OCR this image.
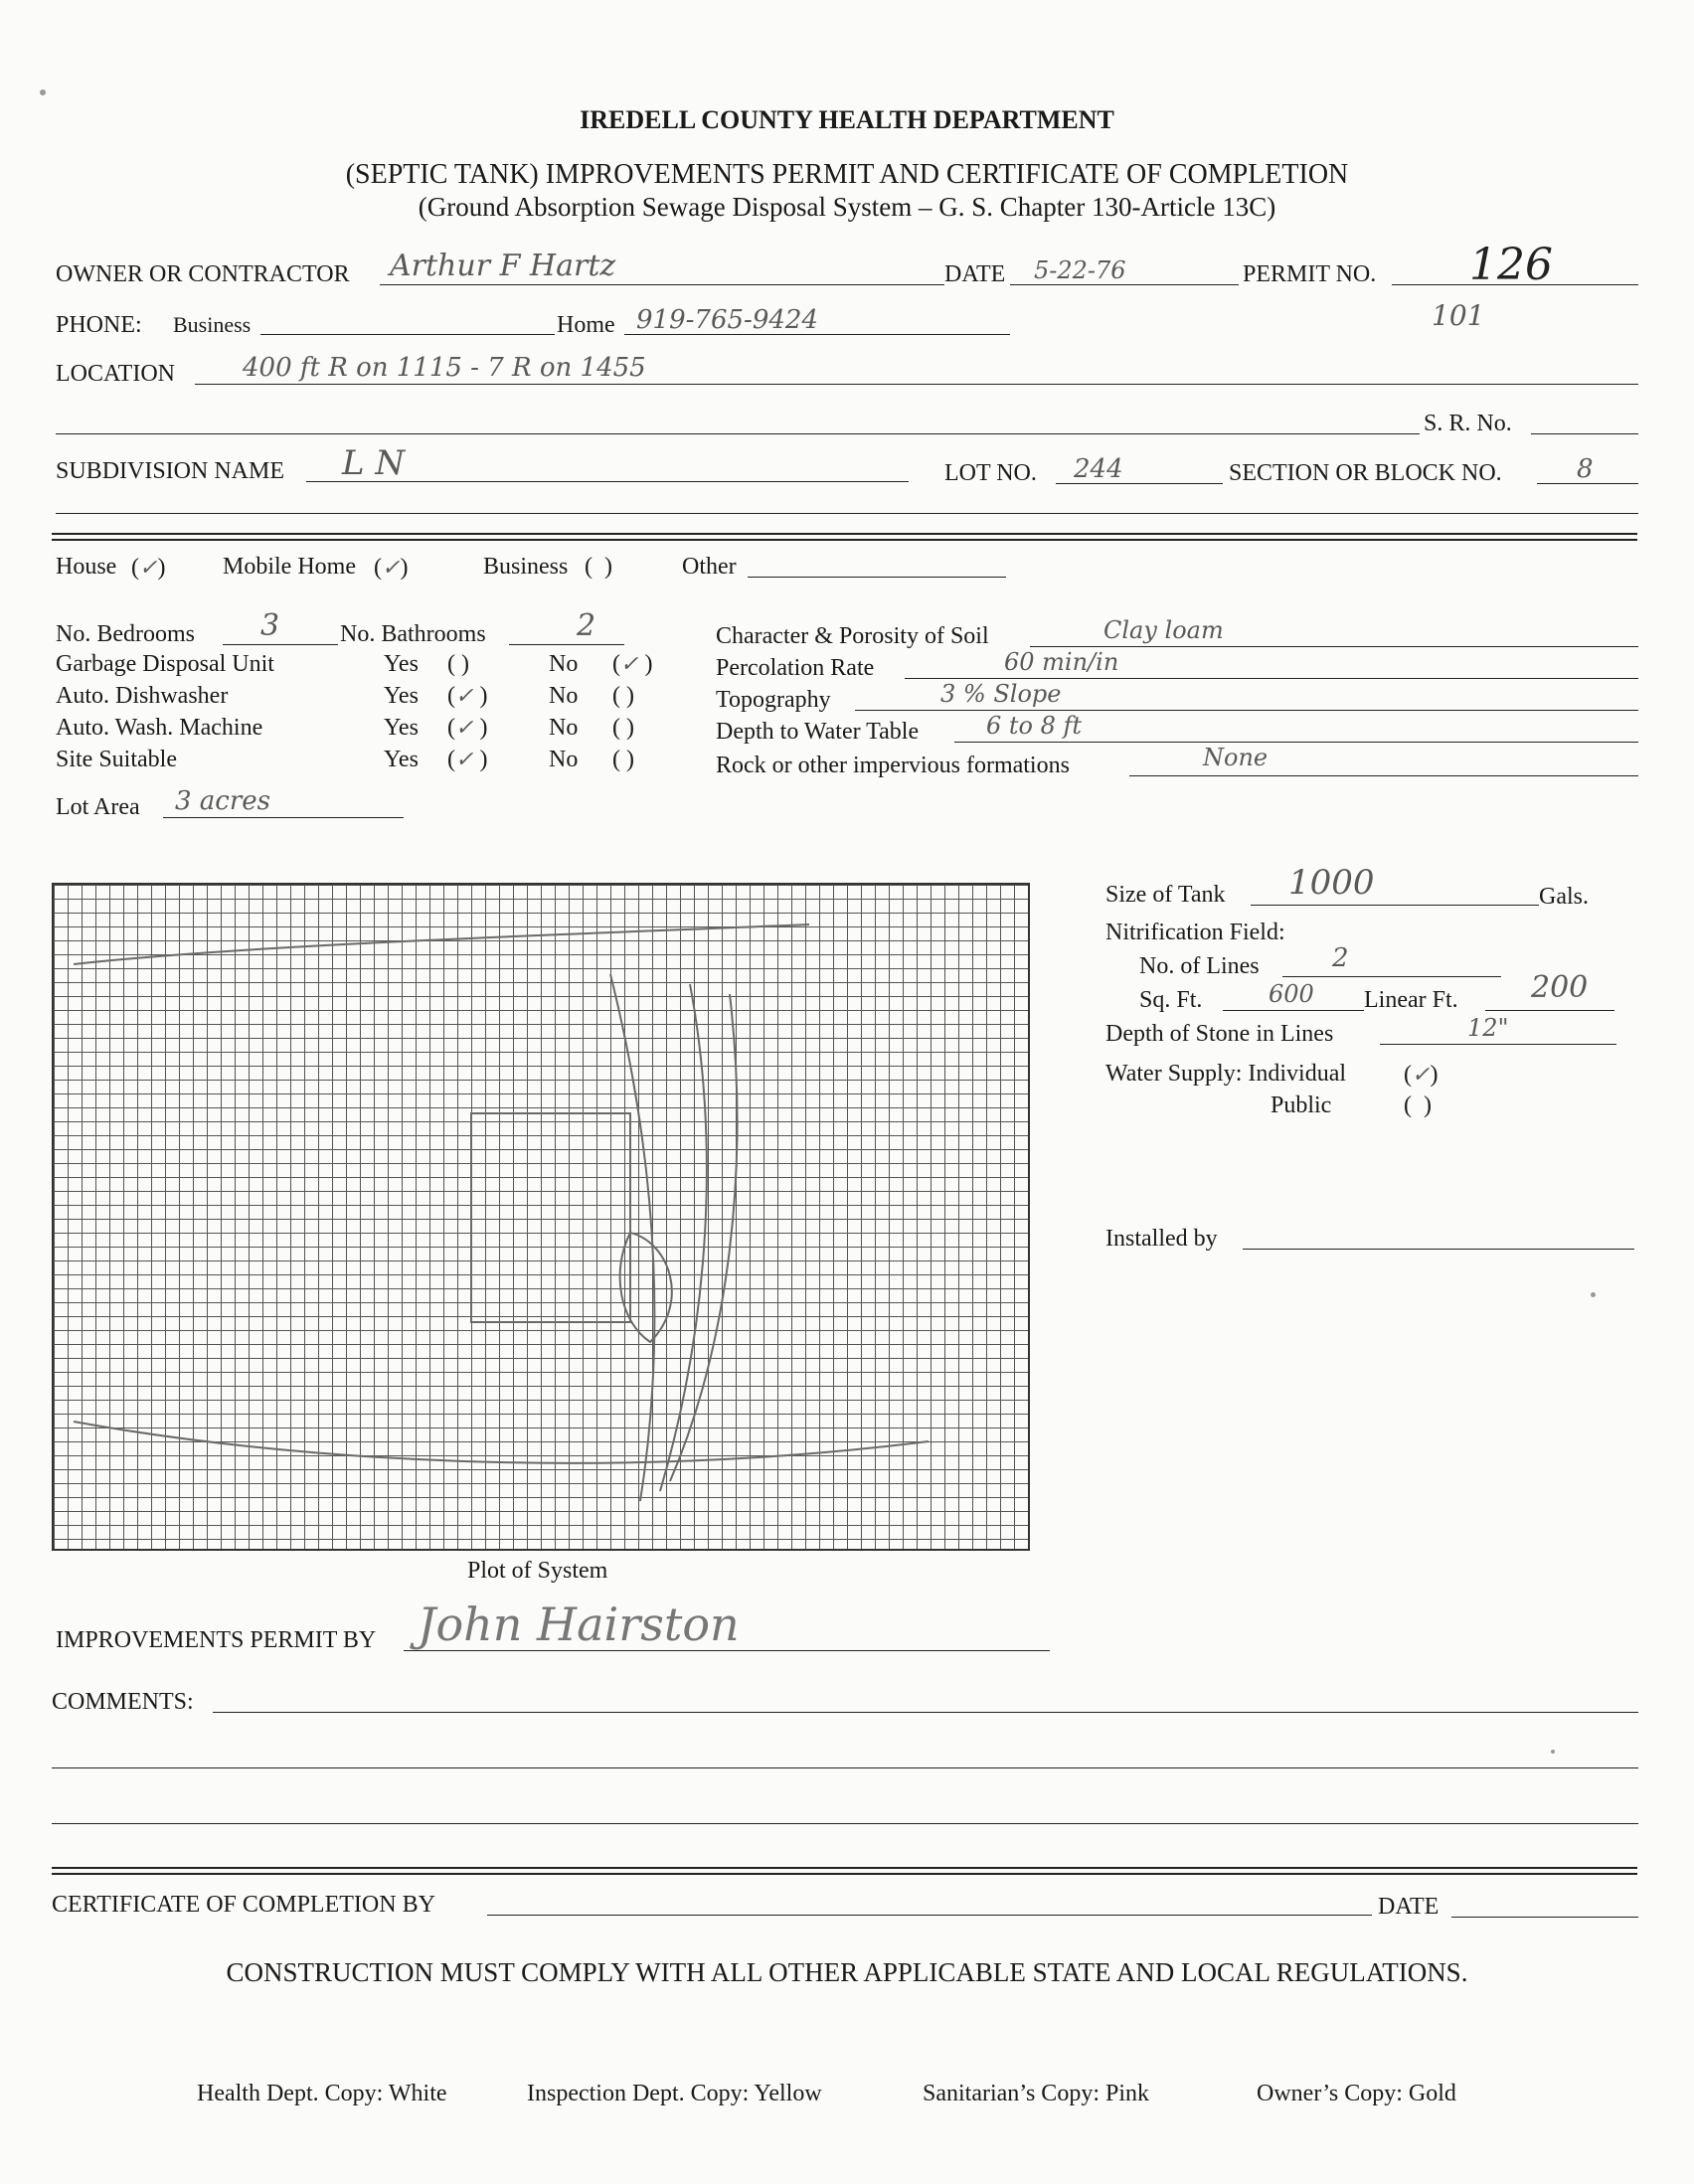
IREDELL COUNTY HEALTH DEPARTMENT
(SEPTIC TANK) IMPROVEMENTS PERMIT AND CERTIFICATE OF COMPLETION
(Ground Absorption Sewage Disposal System – G. S. Chapter 130-Article 13C)
OWNER OR CONTRACTOR Arthur F Hartz	DATE 5-22-76	PERMIT NO. 126
101
PHONE: Business	Home 919-765-9424
LOCATION	400 ft R on 1115 - 7 R on 1455
S. R. No.
SUBDIVISION NAME L N	LOT NO. 244	SECTION OR BLOCK NO.	8
House (✓) Mobile Home (✓)	Business (  )	Other
No. Bedrooms 3	No. Bathrooms	2
Garbage Disposal Unit	Yes ( )	No (✓ )
Auto. Dishwasher	Yes (✓ )	No ( )
Auto. Wash. Machine	Yes (✓ )	No ( )
Site Suitable	Yes (✓ )	No ( )
Lot Area 3 acres
Character & Porosity of Soil	Clay loam
Percolation Rate	60 min/in
Topography	3 % Slope
Depth to Water Table	6 to 8 ft
Rock or other impervious formations	None
Plot of System
Size of Tank 1000	Gals.
Nitrification Field:
No. of Lines	2
Sq. Ft.	600 Linear Ft. 200
Depth of Stone in Lines	12"
Water Supply: Individual (✓)
Public	(  )
Installed by
IMPROVEMENTS PERMIT BY John Hairston
COMMENTS:
CERTIFICATE OF COMPLETION BY	DATE
CONSTRUCTION MUST COMPLY WITH ALL OTHER APPLICABLE STATE AND LOCAL REGULATIONS.
Health Dept. Copy: White	Inspection Dept. Copy: Yellow	Sanitarian’s Copy: Pink	Owner’s Copy: Gold
